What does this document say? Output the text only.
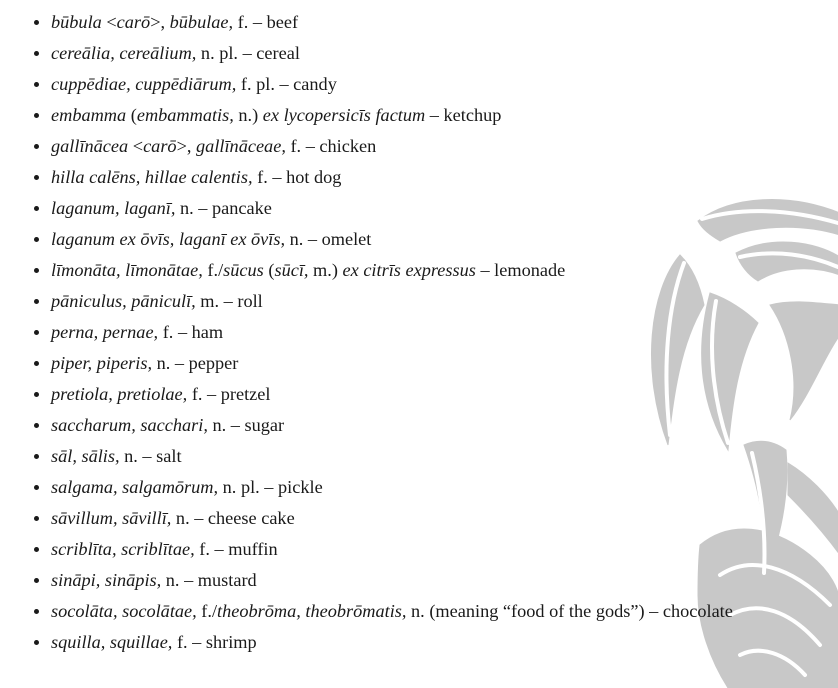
būbula <carō>, būbulae, f. – beef
cereālia, cereālium, n. pl. – cereal
cuppēdiae, cuppēdiārum, f. pl. – candy
embamma (embammatis, n.) ex lycopersicīs factum – ketchup
gallīnācea <carō>, gallīnāceae, f. – chicken
hilla calēns, hillae calentis, f. – hot dog
laganum, laganī, n. – pancake
laganum ex ōvīs, laganī ex ōvīs, n. – omelet
līmonāta, līmonātae, f./sūcus (sūcī, m.) ex citrīs expressus – lemonade
pāniculus, pāniculī, m. – roll
perna, pernae, f. – ham
piper, piperis, n. – pepper
pretiola, pretiolae, f. – pretzel
saccharum, sacchari, n. – sugar
sāl, sālis, n. – salt
salgama, salgamōrum, n. pl. – pickle
sāvillum, sāvillī, n. – cheese cake
scriblīta, scriblītae, f. – muffin
sināpi, sināpis, n. – mustard
socolāta, socolātae, f./theobrōma, theobrōmatis, n. (meaning “food of the gods”) – chocolate
squilla, squillae, f. – shrimp
